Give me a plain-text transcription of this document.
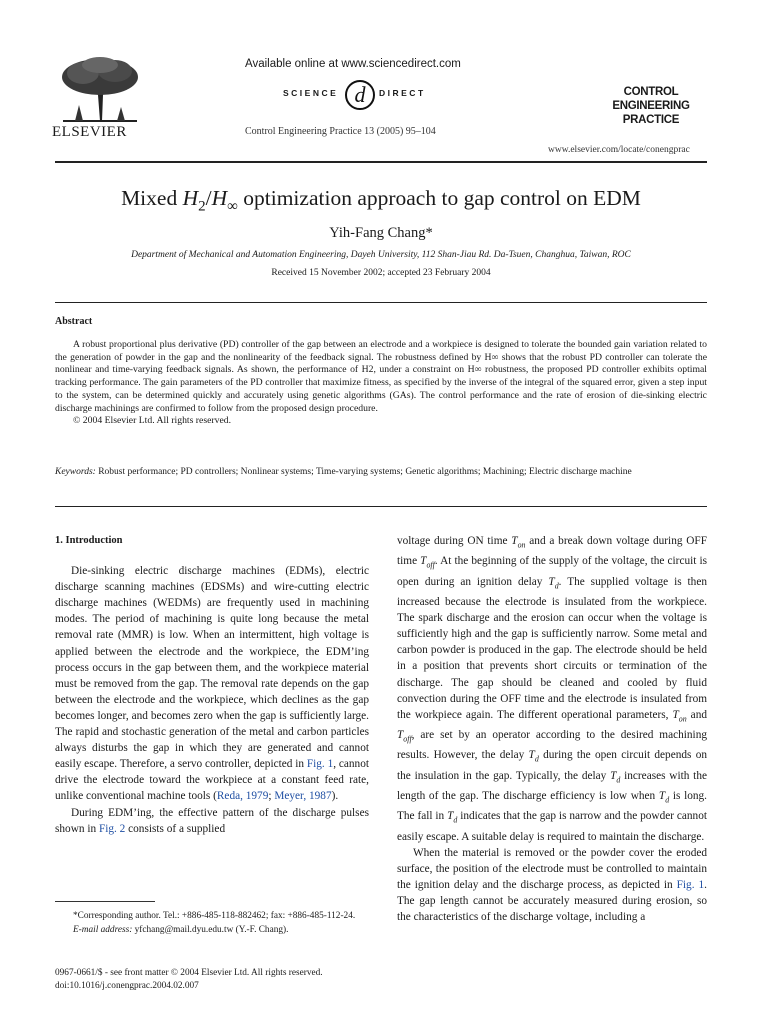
ELSEVIER
Available online at www.sciencedirect.com
SCIENCE d DIRECT
Control Engineering Practice 13 (2005) 95–104
CONTROL ENGINEERING
PRACTICE
www.elsevier.com/locate/conengprac
Mixed $H_2/H_\infty$ optimization approach to gap control on EDM
Yih-Fang Chang*
Department of Mechanical and Automation Engineering, Dayeh University, 112 Shan-Jiau Rd. Da-Tsuen, Changhua, Taiwan, ROC
Received 15 November 2002; accepted 23 February 2004
Abstract
A robust proportional plus derivative (PD) controller of the gap between an electrode and a workpiece is designed to tolerate the bounded gain variation related to the generation of powder in the gap and the nonlinearity of the feedback signal. The robustness defined by H∞ shows that the robust PD controller can tolerate the nonlinear and time-varying feedback signals. As shown, the performance of H2, under a constraint on H∞ robustness, the proposed PD controller exhibits optimal tracking performance. The gain parameters of the PD controller that maximize fitness, as specified by the inverse of the integral of the squared error, given a step input to the system, can be determined quickly and accurately using genetic algorithms (GAs). The control performance and the rate of erosion of die-sinking electric discharge machinings are confirmed to follow from the proposed design procedure.
© 2004 Elsevier Ltd. All rights reserved.
Keywords: Robust performance; PD controllers; Nonlinear systems; Time-varying systems; Genetic algorithms; Machining; Electric discharge machine
1. Introduction

Die-sinking electric discharge machines (EDMs), electric discharge scanning machines (EDSMs) and wire-cutting electric discharge machines (WEDMs) are frequently used in machining modes. The period of machining is quite long because the metal removal rate (MMR) is low. When an intermittent, high voltage is applied between the electrode and the workpiece, the EDM’ing process occurs in the gap between them, and the workpiece material must be removed from the gap. The removal rate depends on the gap between the electrode and the workpiece, which declines as the gap becomes longer, and becomes zero when the gap is sufficiently large. The rapid and stochastic generation of the metal and carbon particles always disturbs the gap in which they are generated and cannot easily escape. Therefore, a servo controller, depicted in Fig. 1, cannot drive the electrode toward the workpiece at a constant feed rate, unlike conventional machine tools (Reda, 1979; Meyer, 1987).

During EDM’ing, the effective pattern of the discharge pulses shown in Fig. 2 consists of a supplied

*Corresponding author. Tel.: +886-485-118-882462; fax: +886-485-112-24.
E-mail address: yfchang@mail.dyu.edu.tw (Y.-F. Chang).
0967-0661/$ - see front matter © 2004 Elsevier Ltd. All rights reserved.
doi:10.1016/j.conengprac.2004.02.007

voltage during ON time $T_{on}$ and a break down voltage during OFF time $T_{off}$. At the beginning of the supply of the voltage, the circuit is open during an ignition delay $T_d$. The supplied voltage is then increased because the electrode is insulated from the workpiece. The spark discharge and the erosion can occur when the voltage is sufficiently high and the gap is sufficiently narrow. Some metal and carbon powder is produced in the gap. The electrode should be held in a position that prevents short circuits or termination of the discharge. The gap should be cleaned and cooled by fluid convection during the OFF time and the electrode is insulated from the workpiece again. The different operational parameters, $T_{on}$ and $T_{off}$, are set by an operator according to the desired machining results. However, the delay $T_d$ during the open circuit depends on the insulation in the gap. Typically, the delay $T_d$ increases with the length of the gap. The discharge efficiency is low when $T_d$ is long. The fall in $T_d$ indicates that the gap is narrow and the powder cannot easily escape. A suitable delay is required to maintain the discharge.

When the material is removed or the powder cover the eroded surface, the position of the electrode must be controlled to maintain the ignition delay and the discharge process, as depicted in Fig. 1. The gap length cannot be accurately measured during erosion, so the characteristics of the discharge voltage, including a
